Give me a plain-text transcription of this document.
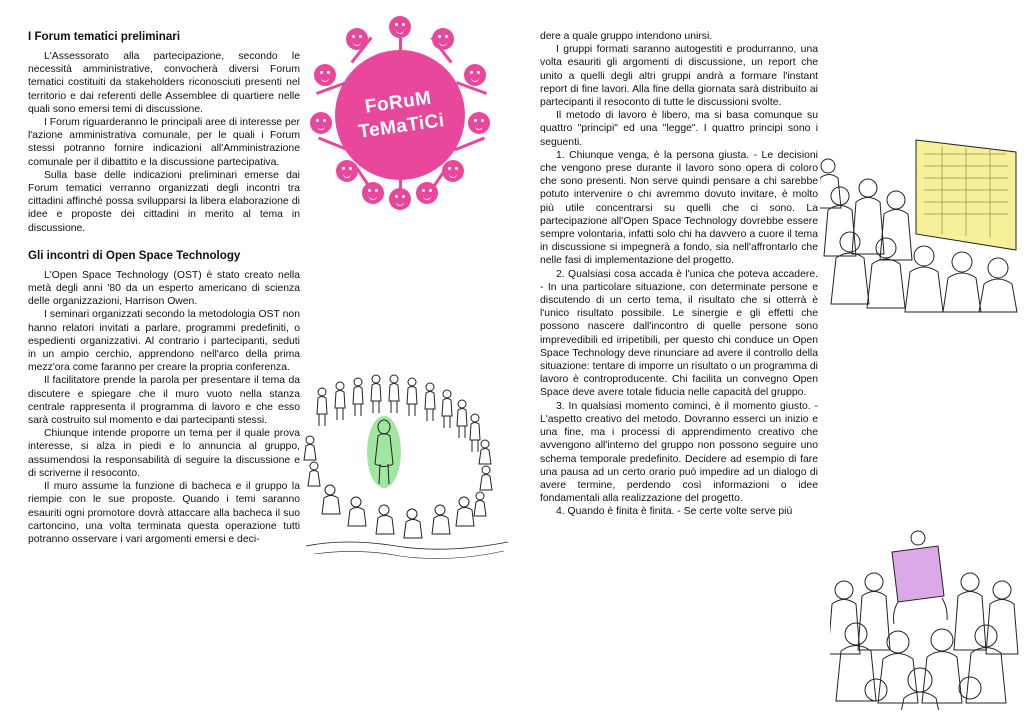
I Forum tematici preliminari

L'Assessorato alla partecipazione, secondo le necessità amministrative, convocherà diversi Forum tematici costituiti da stakeholders riconosciuti presenti nel territorio e dai referenti delle Assemblee di quartiere nelle quali sono emersi temi di discussione.

I Forum riguarderanno le principali aree di interesse per l'azione amministrativa comunale, per le quali i Forum stessi potranno fornire indicazioni all'Amministrazione comunale per il dibattito e la discussione partecipativa.

Sulla base delle indicazioni preliminari emerse dai Forum tematici verranno organizzati degli incontri tra cittadini affinché possa svilupparsi la libera elaborazione di idee e proposte dei cittadini in merito al tema in discussione.

Gli incontri di Open Space Technology

L'Open Space Technology (OST) è stato creato nella metà degli anni '80 da un esperto americano di scienza delle organizzazioni, Harrison Owen.

I seminari organizzati secondo la metodologia OST non hanno relatori invitati a parlare, programmi predefiniti, o espedienti organizzativi. Al contrario i partecipanti, seduti in un ampio cerchio, apprendono nell'arco della prima mezz'ora come faranno per creare la propria conferenza.

Il facilitatore prende la parola per presentare il tema da discutere e spiegare che il muro vuoto nella stanza centrale rappresenta il programma di lavoro e che esso sarà costruito sul momento e dai partecipanti stessi.

Chiunque intende proporre un tema per il quale prova interesse, si alza in piedi e lo annuncia al gruppo, assumendosi la responsabilità di seguire la discussione e di scriverne il resoconto.

Il muro assume la funzione di bacheca e il gruppo la riempie con le sue proposte. Quando i temi saranno esauriti ogni promotore dovrà attaccare alla bacheca il suo cartoncino, una volta terminata questa operazione tutti potranno osservare i vari argomenti emersi e deci-

dere a quale gruppo intendono unirsi.

I gruppi formati saranno autogestiti e produrranno, una volta esauriti gli argomenti di discussione, un report che unito a quelli degli altri gruppi andrà a formare l'instant report di fine lavori. Alla fine della giornata sarà distribuito ai partecipanti il resoconto di tutte le discussioni svolte.

Il metodo di lavoro è libero, ma si basa comunque su quattro "principi" ed una "legge". I quattro principi sono i seguenti.

1. Chiunque venga, è la persona giusta. - Le decisioni che vengono prese durante il lavoro sono opera di coloro che sono presenti. Non serve quindi pensare a chi sarebbe potuto intervenire o chi avremmo dovuto invitare, è molto più utile concentrarsi su quelli che ci sono. La partecipazione all'Open Space Technology dovrebbe essere sempre volontaria, infatti solo chi ha davvero a cuore il tema in discussione si impegnerà a fondo, sia nell'affrontarlo che nelle fasi di implementazione del progetto.

2. Qualsiasi cosa accada è l'unica che poteva accadere. - In una particolare situazione, con determinate persone e discutendo di un certo tema, il risultato che si otterrà è l'unico risultato possibile. Le sinergie e gli effetti che possono nascere dall'incontro di quelle persone sono imprevedibili ed irripetibili, per questo chi conduce un Open Space Technology deve rinunciare ad avere il controllo della situazione: tentare di imporre un risultato o un programma di lavoro è controproducente. Chi facilita un convegno Open Space deve avere totale fiducia nelle capacità del gruppo.

3. In qualsiasi momento cominci, è il momento giusto. - L'aspetto creativo del metodo. Dovranno esserci un inizio e una fine, ma i processi di apprendimento creativo che avvengono all'interno del gruppo non possono seguire uno schema temporale predefinito. Decidere ad esempio di fare una pausa ad un certo orario può impedire ad un dialogo di avere termine, perdendo così informazioni o idee fondamentali alla realizzazione del progetto.

4. Quando è finita è finita. - Se certe volte serve più

FoRuM
TeMaTiCi
